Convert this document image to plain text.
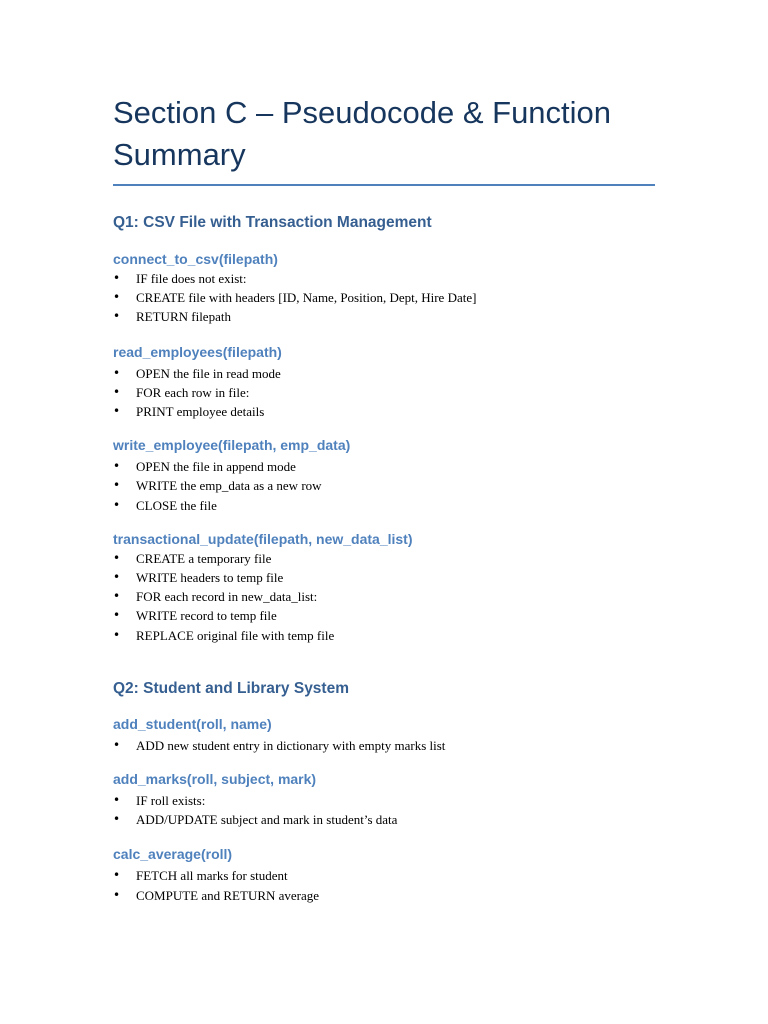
Section C – Pseudocode & Function
Summary
Q1: CSV File with Transaction Management
connect_to_csv(filepath)
• IF file does not exist:
• CREATE file with headers [ID, Name, Position, Dept, Hire Date]
• RETURN filepath
read_employees(filepath)
• OPEN the file in read mode
• FOR each row in file:
• PRINT employee details
write_employee(filepath, emp_data)
• OPEN the file in append mode
• WRITE the emp_data as a new row
• CLOSE the file
transactional_update(filepath, new_data_list)
• CREATE a temporary file
• WRITE headers to temp file
• FOR each record in new_data_list:
• WRITE record to temp file
• REPLACE original file with temp file
Q2: Student and Library System
add_student(roll, name)
• ADD new student entry in dictionary with empty marks list
add_marks(roll, subject, mark)
• IF roll exists:
• ADD/UPDATE subject and mark in student’s data
calc_average(roll)
• FETCH all marks for student
• COMPUTE and RETURN average
